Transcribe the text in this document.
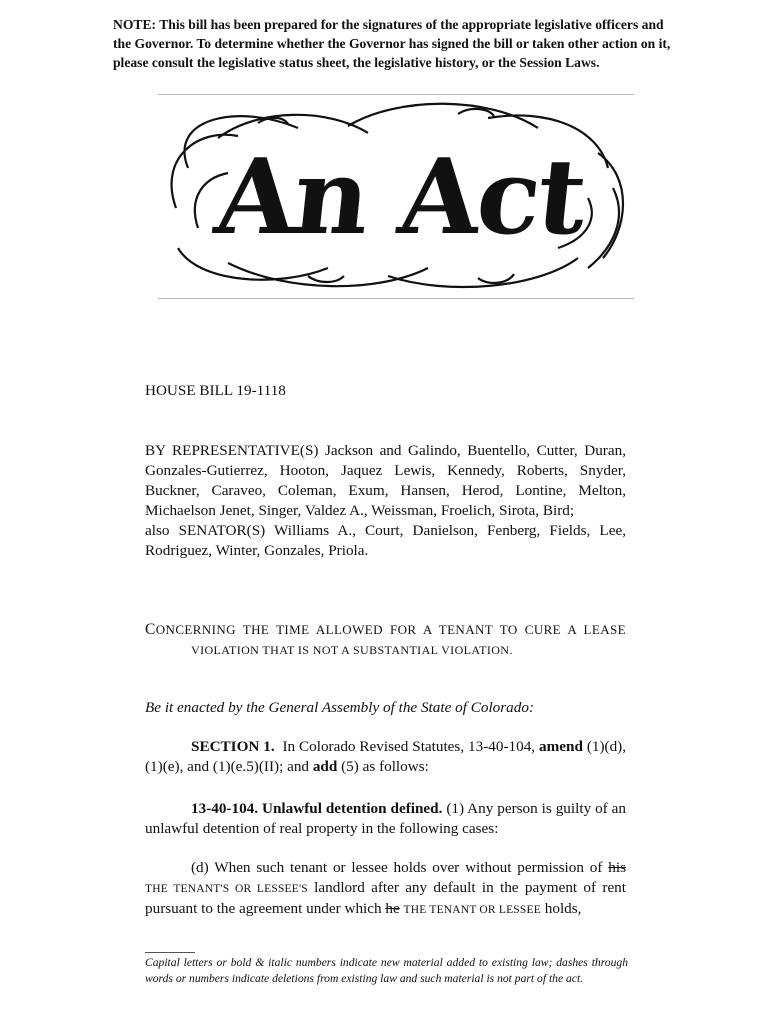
NOTE: This bill has been prepared for the signatures of the appropriate legislative officers and the Governor. To determine whether the Governor has signed the bill or taken other action on it, please consult the legislative status sheet, the legislative history, or the Session Laws.
An Act
HOUSE BILL 19-1118
BY REPRESENTATIVE(S) Jackson and Galindo, Buentello, Cutter, Duran, Gonzales-Gutierrez, Hooton, Jaquez Lewis, Kennedy, Roberts, Snyder, Buckner, Caraveo, Coleman, Exum, Hansen, Herod, Lontine, Melton, Michaelson Jenet, Singer, Valdez A., Weissman, Froelich, Sirota, Bird;
also SENATOR(S) Williams A., Court, Danielson, Fenberg, Fields, Lee, Rodriguez, Winter, Gonzales, Priola.
CONCERNING THE TIME ALLOWED FOR A TENANT TO CURE A LEASE
VIOLATION THAT IS NOT A SUBSTANTIAL VIOLATION.
Be it enacted by the General Assembly of the State of Colorado:
SECTION 1. In Colorado Revised Statutes, 13-40-104, amend (1)(d), (1)(e), and (1)(e.5)(II); and add (5) as follows:
13-40-104. Unlawful detention defined. (1) Any person is guilty of an unlawful detention of real property in the following cases:
(d) When such tenant or lessee holds over without permission of his THE TENANT'S OR LESSEE'S landlord after any default in the payment of rent pursuant to the agreement under which he THE TENANT OR LESSEE holds,
Capital letters or bold & italic numbers indicate new material added to existing law; dashes through words or numbers indicate deletions from existing law and such material is not part of the act.
